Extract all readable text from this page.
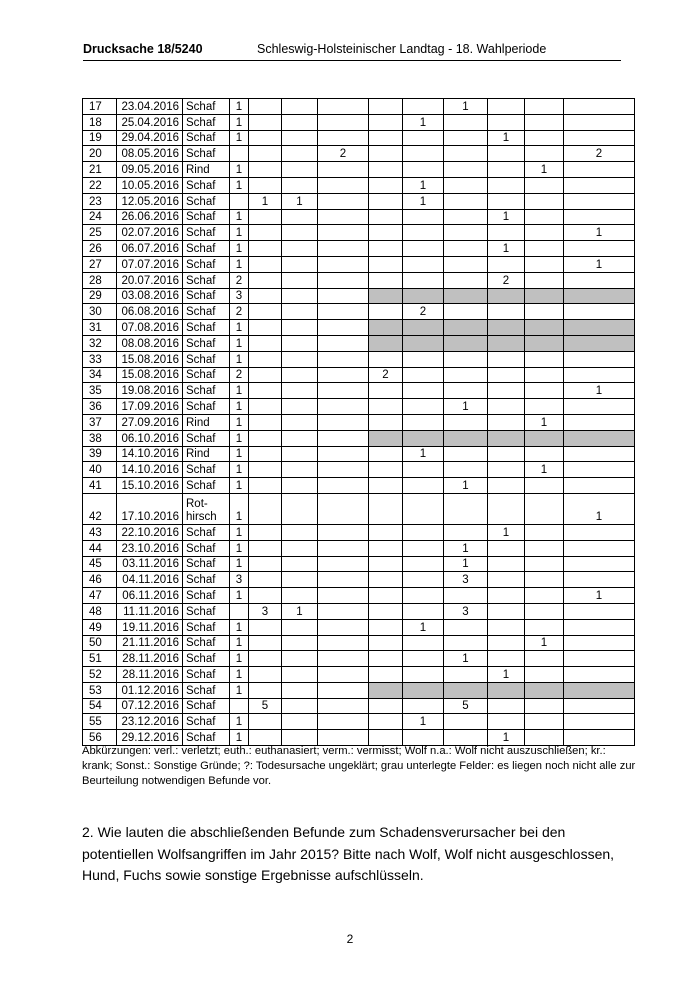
Drucksache 18/5240	Schleswig-Holsteinischer Landtag - 18. Wahlperiode
17	23.04.2016	Schaf	1						1			
18	25.04.2016	Schaf	1					1				
19	29.04.2016	Schaf	1							1		
20	08.05.2016	Schaf				2						2
21	09.05.2016	Rind	1								1	
22	10.05.2016	Schaf	1					1				
23	12.05.2016	Schaf		1	1			1				
24	26.06.2016	Schaf	1							1		
25	02.07.2016	Schaf	1									1
26	06.07.2016	Schaf	1							1		
27	07.07.2016	Schaf	1									1
28	20.07.2016	Schaf	2							2		
29	03.08.2016	Schaf	3									
30	06.08.2016	Schaf	2					2				
31	07.08.2016	Schaf	1									
32	08.08.2016	Schaf	1									
33	15.08.2016	Schaf	1									
34	15.08.2016	Schaf	2				2					
35	19.08.2016	Schaf	1									1
36	17.09.2016	Schaf	1						1			
37	27.09.2016	Rind	1								1	
38	06.10.2016	Schaf	1									
39	14.10.2016	Rind	1					1				
40	14.10.2016	Schaf	1								1	
41	15.10.2016	Schaf	1						1			
42	17.10.2016	Rot-hirsch	1									1
43	22.10.2016	Schaf	1							1		
44	23.10.2016	Schaf	1						1			
45	03.11.2016	Schaf	1						1			
46	04.11.2016	Schaf	3						3			
47	06.11.2016	Schaf	1									1
48	11.11.2016	Schaf		3	1				3			
49	19.11.2016	Schaf	1					1				
50	21.11.2016	Schaf	1								1	
51	28.11.2016	Schaf	1						1			
52	28.11.2016	Schaf	1							1		
53	01.12.2016	Schaf	1									
54	07.12.2016	Schaf		5					5			
55	23.12.2016	Schaf	1					1				
56	29.12.2016	Schaf	1							1		
Abkürzungen: verl.: verletzt; euth.: euthanasiert; verm.: vermisst; Wolf n.a.: Wolf nicht auszuschließen; kr.: krank; Sonst.: Sonstige Gründe; ?: Todesursache ungeklärt; grau unterlegte Felder: es liegen noch nicht alle zur Beurteilung notwendigen Befunde vor.
2. Wie lauten die abschließenden Befunde zum Schadensverursacher bei den potentiellen Wolfsangriffen im Jahr 2015? Bitte nach Wolf, Wolf nicht ausgeschlossen, Hund, Fuchs sowie sonstige Ergebnisse aufschlüsseln.
2
